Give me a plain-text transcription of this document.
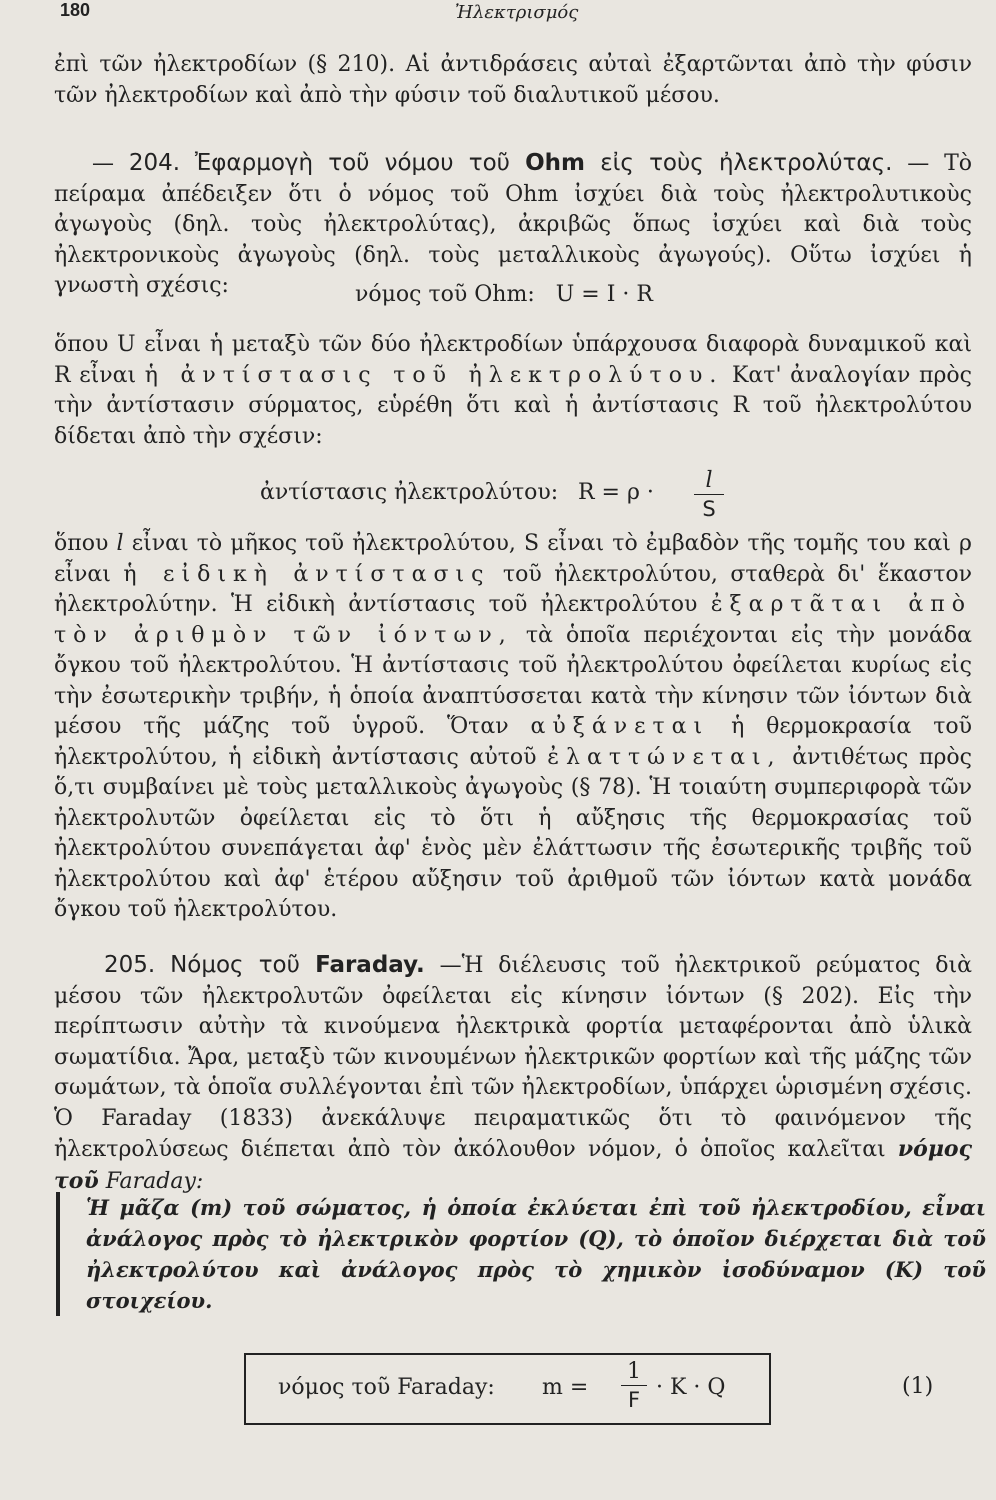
180	Ἠλεκτρισμός

ἐπὶ τῶν ἠλεκτροδίων (§ 210). Αἱ ἀντιδράσεις αὐταὶ ἐξαρτῶνται ἀπὸ τὴν φύσιν τῶν ἠλεκτροδίων καὶ ἀπὸ τὴν φύσιν τοῦ διαλυτικοῦ μέσου.

— 204. Ἐφαρμογὴ τοῦ νόμου τοῦ Ohm εἰς τοὺς ἠλεκτρολύτας. — Τὸ πείραμα ἀπέδειξεν ὅτι ὁ νόμος τοῦ Ohm ἰσχύει διὰ τοὺς ἠλεκτρολυτικοὺς ἀγωγοὺς (δηλ. τοὺς ἠλεκτρολύτας), ἀκριβῶς ὅπως ἰσχύει καὶ διὰ τοὺς ἠλεκτρονικοὺς ἀγωγοὺς (δηλ. τοὺς μεταλλικοὺς ἀγωγούς). Οὕτω ἰσχύει ἡ γνωστὴ σχέσις:	νόμος τοῦ Ohm: U = I · R

ὅπου U εἶναι ἡ μεταξὺ τῶν δύο ἠλεκτροδίων ὑπάρχουσα διαφορὰ δυναμικοῦ καὶ R εἶναι ἡ ἀντίστασις τοῦ ἠλεκτρολύτου. Κατ' ἀναλογίαν πρὸς τὴν ἀντίστασιν σύρματος, εὑρέθη ὅτι καὶ ἡ ἀντίστασις R τοῦ ἠλεκτρολύτου δίδεται ἀπὸ τὴν σχέσιν:

ἀντίστασις ἠλεκτρολύτου: $R = \rho \cdot \frac{l}{S}$

ὅπου l εἶναι τὸ μῆκος τοῦ ἠλεκτρολύτου, S εἶναι τὸ ἐμβαδὸν τῆς τομῆς του καὶ ρ εἶναι ἡ εἰδικὴ ἀντίστασις τοῦ ἠλεκτρολύτου, σταθερὰ δι' ἕκαστον ἠλεκτρολύτην. Ἡ εἰδικὴ ἀντίστασις τοῦ ἠλεκτρολύτου ἐξαρτᾶται ἀπὸ τὸν ἀριθμὸν τῶν ἰόντων, τὰ ὁποῖα περιέχονται εἰς τὴν μονάδα ὄγκου τοῦ ἠλεκτρολύτου. Ἡ ἀντίστασις τοῦ ἠλεκτρολύτου ὀφείλεται κυρίως εἰς τὴν ἐσωτερικὴν τριβήν, ἡ ὁποία ἀναπτύσσεται κατὰ τὴν κίνησιν τῶν ἰόντων διὰ μέσου τῆς μάζης τοῦ ὑγροῦ. Ὅταν αὐξάνεται ἡ θερμοκρασία τοῦ ἠλεκτρολύτου, ἡ εἰδικὴ ἀντίστασις αὐτοῦ ἐλαττώνεται, ἀντιθέτως πρὸς ὅ,τι συμβαίνει μὲ τοὺς μεταλλικοὺς ἀγωγοὺς (§ 78). Ἡ τοιαύτη συμπεριφορὰ τῶν ἠλεκτρολυτῶν ὀφείλεται εἰς τὸ ὅτι ἡ αὔξησις τῆς θερμοκρασίας τοῦ ἠλεκτρολύτου συνεπάγεται ἀφ' ἑνὸς μὲν ἐλάττωσιν τῆς ἐσωτερικῆς τριβῆς τοῦ ἠλεκτρολύτου καὶ ἀφ' ἑτέρου αὔξησιν τοῦ ἀριθμοῦ τῶν ἰόντων κατὰ μονάδα ὄγκου τοῦ ἠλεκτρολύτου.

205. Νόμος τοῦ Faraday. —Ἡ διέλευσις τοῦ ἠλεκτρικοῦ ρεύματος διὰ μέσου τῶν ἠλεκτρολυτῶν ὀφείλεται εἰς κίνησιν ἰόντων (§ 202). Εἰς τὴν περίπτωσιν αὐτὴν τὰ κινούμενα ἠλεκτρικὰ φορτία μεταφέρονται ἀπὸ ὑλικὰ σωματίδια. Ἄρα, μεταξὺ τῶν κινουμένων ἠλεκτρικῶν φορτίων καὶ τῆς μάζης τῶν σωμάτων, τὰ ὁποῖα συλλέγονται ἐπὶ τῶν ἠλεκτροδίων, ὑπάρχει ὡρισμένη σχέσις. Ὁ Faraday (1833) ἀνεκάλυψε πειραματικῶς ὅτι τὸ φαινόμενον τῆς ἠλεκτρολύσεως διέπεται ἀπὸ τὸν ἀκόλουθον νόμον, ὁ ὁποῖος καλεῖται νόμος τοῦ Faraday:

Ἡ μᾶζα (m) τοῦ σώματος, ἡ ὁποία ἐκλύεται ἐπὶ τοῦ ἠλεκτροδίου, εἶναι ἀνάλογος πρὸς τὸ ἠλεκτρικὸν φορτίον (Q), τὸ ὁποῖον διέρχεται διὰ τοῦ ἠλεκτρολύτου καὶ ἀνάλογος πρὸς τὸ χημικὸν ἰσοδύναμον (K) τοῦ στοιχείου.
νόμος τοῦ Faraday: $m = \frac{1}{F} \cdot K \cdot Q$	(1)
